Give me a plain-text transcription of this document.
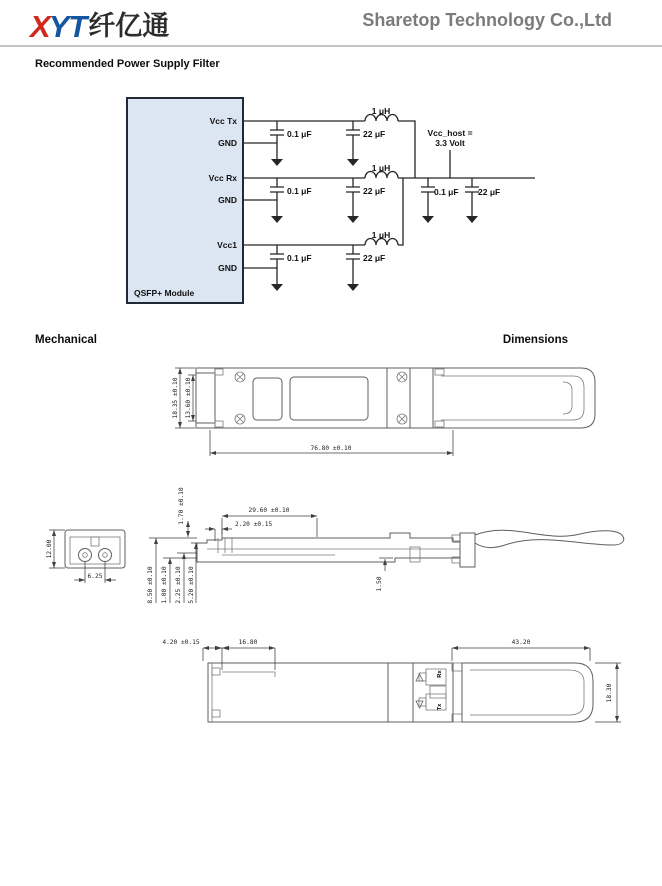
XYT纤亿通	Sharetop Technology Co.,Ltd
Recommended Power Supply Filter
Mechanical	Dimensions
Vcc Tx
GND
Vcc Rx
GND
Vcc1
GND
QSFP+ Module
0.1 μF	22 μF
1 μH
0.1 μF	22 μF
1 μH
0.1 μF	22 μF
1 μH
0.1 μF 22 μF
Vcc_host =
3.3 Volt
18.35 ±0.10 13.60 ±0.10
76.80 ±0.10
12.00
6.25
29.60 ±0.10
2.20 ±0.15
1.70 ±0.10
8.50 ±0.10 1.00 ±0.10 2.25 ±0.10 5.20 ±0.10	1.50
4.20 ±0.15	16.80	43.20
18.30
Rx
Tx
